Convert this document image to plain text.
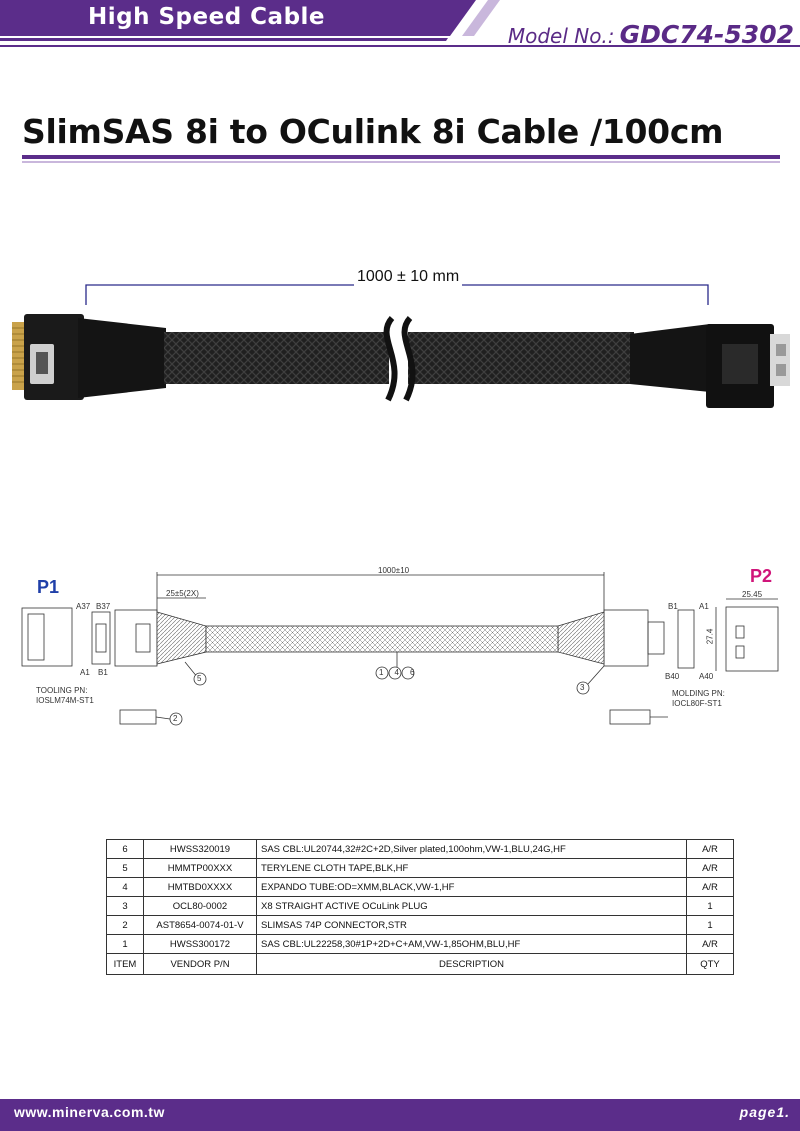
High Speed Cable
Model No.: GDC74-5302
SlimSAS 8i to OCulink 8i Cable /100cm
1000 ± 10 mm
P1
P2
1000±10
25±5(2X)	25.45
27.4
A37 B37
A1 B1
B1	A1
B40 A40
TOOLING PN:
IOSLM74M-ST1
MOLDING PN:
IOCL80F-ST1
5
2
1 4 6
3
6	HWSS320019	SAS CBL:UL20744,32#2C+2D,Silver plated,100ohm,VW-1,BLU,24G,HF	A/R
5	HMMTP00XXX	TERYLENE CLOTH TAPE,BLK,HF	A/R
4	HMTBD0XXXX	EXPANDO TUBE:OD=XMM,BLACK,VW-1,HF	A/R
3	OCL80-0002	X8 STRAIGHT ACTIVE OCuLink PLUG	1
2	AST8654-0074-01-V	SLIMSAS 74P CONNECTOR,STR	1
1	HWSS300172	SAS CBL:UL22258,30#1P+2D+C+AM,VW-1,85OHM,BLU,HF	A/R
ITEM	VENDOR P/N	DESCRIPTION	QTY
www.minerva.com.tw	page1.
